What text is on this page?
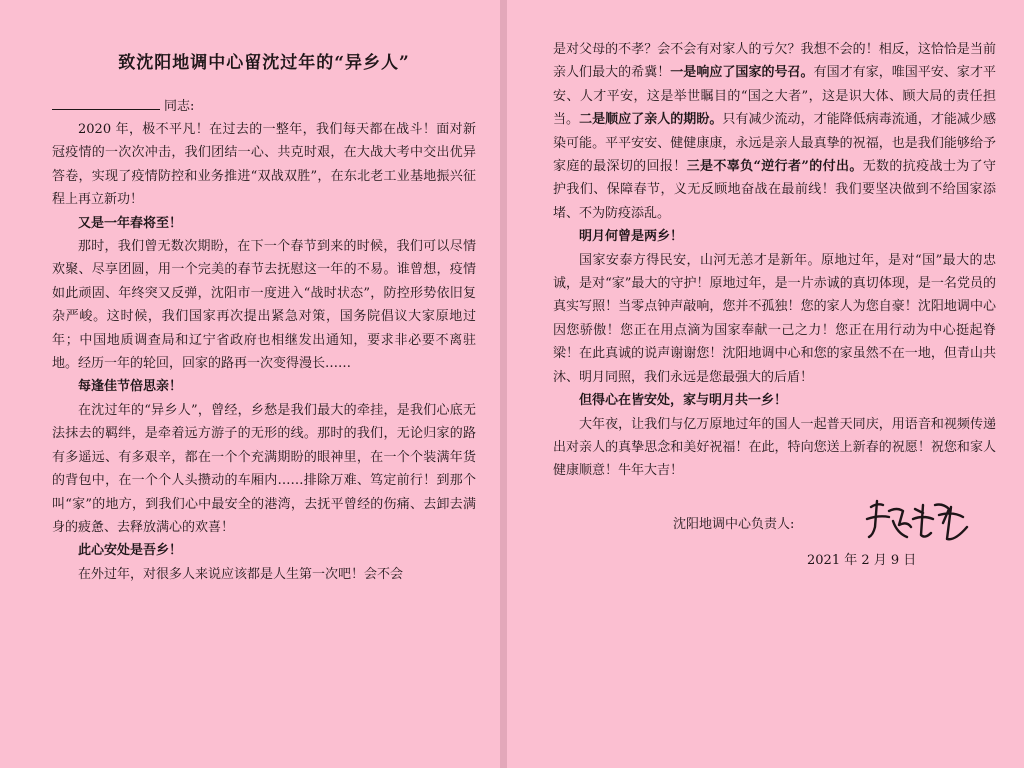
致沈阳地调中心留沈过年的“异乡人”
同志:

2020 年，极不平凡！在过去的一整年，我们每天都在战斗！面对新冠疫情的一次次冲击，我们团结一心、共克时艰，在大战大考中交出优异答卷，实现了疫情防控和业务推进“双战双胜”，在东北老工业基地振兴征程上再立新功！

又是一年春将至！

那时，我们曾无数次期盼，在下一个春节到来的时候，我们可以尽情欢聚、尽享团圆，用一个完美的春节去抚慰这一年的不易。谁曾想，疫情如此顽固、年终突又反弹，沈阳市一度进入“战时状态”，防控形势依旧复杂严峻。这时候，我们国家再次提出紧急对策，国务院倡议大家原地过年；中国地质调查局和辽宁省政府也相继发出通知，要求非必要不离驻地。经历一年的轮回，回家的路再一次变得漫长……

每逢佳节倍思亲！

在沈过年的“异乡人”，曾经，乡愁是我们最大的牵挂，是我们心底无法抹去的羁绊，是牵着远方游子的无形的线。那时的我们，无论归家的路有多遥远、有多艰辛，都在一个个充满期盼的眼神里，在一个个装满年货的背包中，在一个个人头攒动的车厢内……排除万难、笃定前行！到那个叫“家”的地方，到我们心中最安全的港湾，去抚平曾经的伤痛、去卸去满身的疲惫、去释放满心的欢喜！

此心安处是吾乡！

在外过年，对很多人来说应该都是人生第一次吧！会不会

是对父母的不孝？会不会有对家人的亏欠？我想不会的！相反，这恰恰是当前亲人们最大的希冀！一是响应了国家的号召。有国才有家，唯国平安、家才平安、人才平安，这是举世瞩目的“国之大者”，这是识大体、顾大局的责任担当。二是顺应了亲人的期盼。只有减少流动，才能降低病毒流通，才能减少感染可能。平平安安、健健康康，永远是亲人最真挚的祝福，也是我们能够给予家庭的最深切的回报！三是不辜负“逆行者”的付出。无数的抗疫战士为了守护我们、保障春节，义无反顾地奋战在最前线！我们要坚决做到不给国家添堵、不为防疫添乱。

明月何曾是两乡！

国家安泰方得民安，山河无恙才是新年。原地过年，是对“国”最大的忠诚，是对“家”最大的守护！原地过年，是一片赤诚的真切体现，是一名党员的真实写照！当零点钟声敲响，您并不孤独！您的家人为您自豪！沈阳地调中心因您骄傲！您正在用点滴为国家奉献一己之力！您正在用行动为中心挺起脊梁！在此真诚的说声谢谢您！沈阳地调中心和您的家虽然不在一地，但青山共沐、明月同照，我们永远是您最强大的后盾！

但得心在皆安处，家与明月共一乡！

大年夜，让我们与亿万原地过年的国人一起普天同庆，用语音和视频传递出对亲人的真挚思念和美好祝福！在此，特向您送上新春的祝愿！祝您和家人健康顺意！牛年大吉！

沈阳地调中心负责人:
2021 年 2 月 9 日
